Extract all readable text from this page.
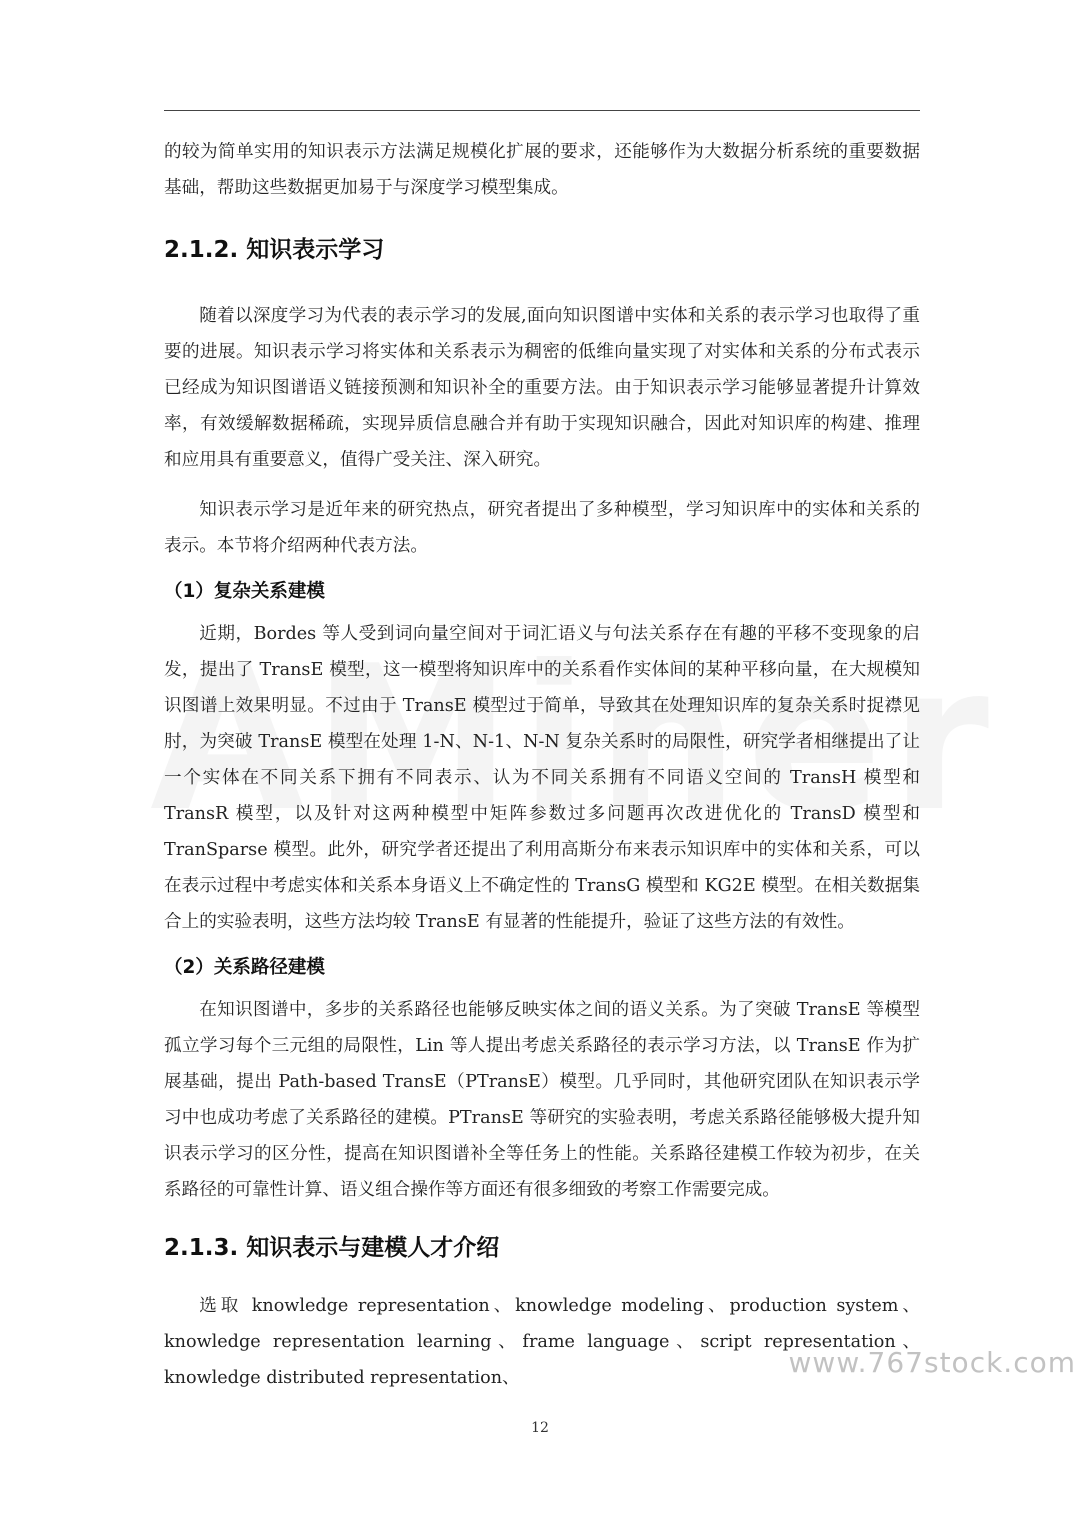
的较为简单实用的知识表示方法满足规模化扩展的要求，还能够作为大数据分析系统的重要数据基础，帮助这些数据更加易于与深度学习模型集成。

2.1.2. 知识表示学习

随着以深度学习为代表的表示学习的发展,面向知识图谱中实体和关系的表示学习也取得了重要的进展。知识表示学习将实体和关系表示为稠密的低维向量实现了对实体和关系的分布式表示已经成为知识图谱语义链接预测和知识补全的重要方法。由于知识表示学习能够显著提升计算效率，有效缓解数据稀疏，实现异质信息融合并有助于实现知识融合，因此对知识库的构建、推理和应用具有重要意义，值得广受关注、深入研究。

知识表示学习是近年来的研究热点，研究者提出了多种模型，学习知识库中的实体和关系的表示。本节将介绍两种代表方法。

（1）复杂关系建模

近期，Bordes 等人受到词向量空间对于词汇语义与句法关系存在有趣的平移不变现象的启发，提出了 TransE 模型，这一模型将知识库中的关系看作实体间的某种平移向量，在大规模知识图谱上效果明显。不过由于 TransE 模型过于简单，导致其在处理知识库的复杂关系时捉襟见肘，为突破 TransE 模型在处理 1-N、N-1、N-N 复杂关系时的局限性，研究学者相继提出了让一个实体在不同关系下拥有不同表示、认为不同关系拥有不同语义空间的 TransH 模型和 TransR 模型，以及针对这两种模型中矩阵参数过多问题再次改进优化的 TransD 模型和 TranSparse 模型。此外，研究学者还提出了利用高斯分布来表示知识库中的实体和关系，可以在表示过程中考虑实体和关系本身语义上不确定性的 TransG 模型和 KG2E 模型。在相关数据集合上的实验表明，这些方法均较 TransE 有显著的性能提升，验证了这些方法的有效性。

（2）关系路径建模

在知识图谱中，多步的关系路径也能够反映实体之间的语义关系。为了突破 TransE 等模型孤立学习每个三元组的局限性，Lin 等人提出考虑关系路径的表示学习方法，以 TransE 作为扩展基础，提出 Path-based TransE（PTransE）模型。几乎同时，其他研究团队在知识表示学习中也成功考虑了关系路径的建模。PTransE 等研究的实验表明，考虑关系路径能够极大提升知识表示学习的区分性，提高在知识图谱补全等任务上的性能。关系路径建模工作较为初步，在关系路径的可靠性计算、语义组合操作等方面还有很多细致的考察工作需要完成。

2.1.3. 知识表示与建模人才介绍

选取 knowledge representation、knowledge modeling、production system、knowledge representation learning、frame language、script representation、knowledge distributed representation、	www.767stock.com
12
